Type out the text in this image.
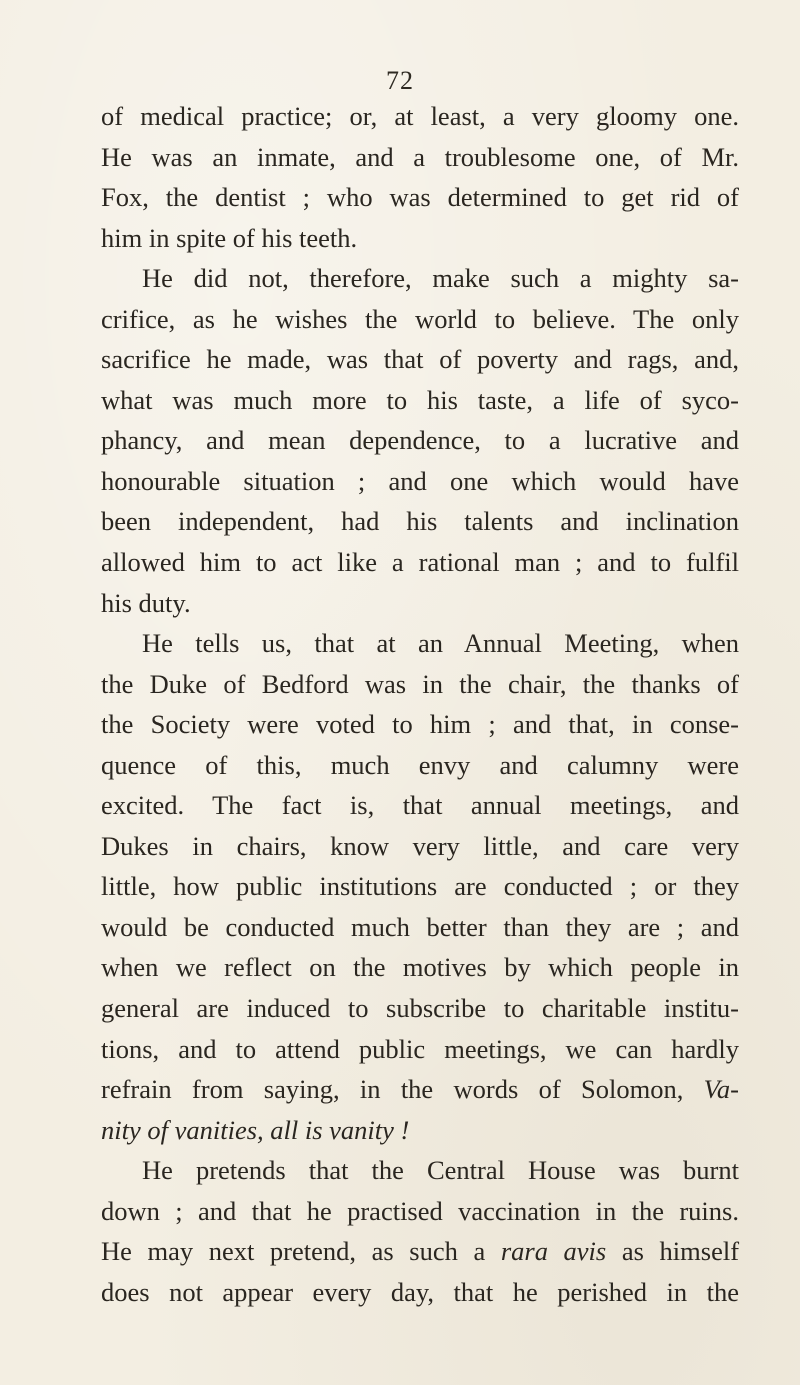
72
of medical practice; or, at least, a very gloomy one.
He was an inmate, and a troublesome one, of Mr.
Fox, the dentist ; who was determined to get rid of
him in spite of his teeth.
He did not, therefore, make such a mighty sa-
crifice, as he wishes the world to believe. The only
sacrifice he made, was that of poverty and rags, and,
what was much more to his taste, a life of syco-
phancy, and mean dependence, to a lucrative and
honourable situation ; and one which would have
been independent, had his talents and inclination
allowed him to act like a rational man ; and to fulfil
his duty.
He tells us, that at an Annual Meeting, when
the Duke of Bedford was in the chair, the thanks of
the Society were voted to him ; and that, in conse-
quence of this, much envy and calumny were
excited. The fact is, that annual meetings, and
Dukes in chairs, know very little, and care very
little, how public institutions are conducted ; or they
would be conducted much better than they are ; and
when we reflect on the motives by which people in
general are induced to subscribe to charitable institu-
tions, and to attend public meetings, we can hardly
refrain from saying, in the words of Solomon, Va-
nity of vanities, all is vanity !
He pretends that the Central House was burnt
down ; and that he practised vaccination in the ruins.
He may next pretend, as such a rara avis as himself
does not appear every day, that he perished in the
